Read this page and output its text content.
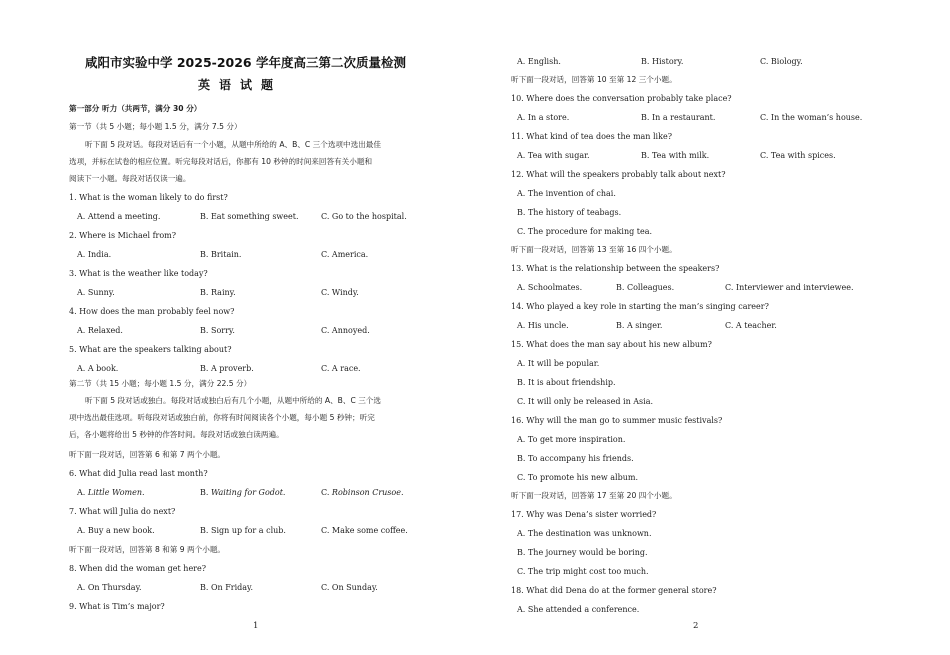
咸阳市实验中学 2025-2026 学年度高三第二次质量检测
英语试题
第一部分 听力（共两节，满分 30 分）
第一节（共 5 小题；每小题 1.5 分，满分 7.5 分）
听下面 5 段对话。每段对话后有一个小题，从题中所给的 A、B、C 三个选项中选出最佳
选项，并标在试卷的相应位置。听完每段对话后，你都有 10 秒钟的时间来回答有关小题和
阅读下一小题。每段对话仅读一遍。
1. What is the woman likely to do first?
A. Attend a meeting.	B. Eat something sweet.	C. Go to the hospital.
2. Where is Michael from?
A. India.	B. Britain.	C. America.
3. What is the weather like today?
A. Sunny.	B. Rainy.	C. Windy.
4. How does the man probably feel now?
A. Relaxed.	B. Sorry.	C. Annoyed.
5. What are the speakers talking about?
A. A book.	B. A proverb.	C. A race.
第二节（共 15 小题；每小题 1.5 分，满分 22.5 分）
听下面 5 段对话或独白。每段对话或独白后有几个小题，从题中所给的 A、B、C 三个选
项中选出最佳选项。听每段对话或独白前，你将有时间阅读各个小题，每小题 5 秒钟；听完
后，各小题将给出 5 秒钟的作答时间。每段对话或独白读两遍。
听下面一段对话，回答第 6 和第 7 两个小题。
6. What did Julia read last month?
A. Little Women.	B. Waiting for Godot.	C. Robinson Crusoe.
7. What will Julia do next?
A. Buy a new book.	B. Sign up for a club.	C. Make some coffee.
听下面一段对话，回答第 8 和第 9 两个小题。
8. When did the woman get here?
A. On Thursday.	B. On Friday.	C. On Sunday.
9. What is Tim’s major?
1
A. English.	B. History.	C. Biology.
听下面一段对话，回答第 10 至第 12 三个小题。
10. Where does the conversation probably take place?
A. In a store.	B. In a restaurant.	C. In the woman’s house.
11. What kind of tea does the man like?
A. Tea with sugar.	B. Tea with milk.	C. Tea with spices.
12. What will the speakers probably talk about next?
A. The invention of chai.
B. The history of teabags.
C. The procedure for making tea.
听下面一段对话，回答第 13 至第 16 四个小题。
13. What is the relationship between the speakers?
A. Schoolmates.	B. Colleagues.	C. Interviewer and interviewee.
14. Who played a key role in starting the man’s singing career?
A. His uncle.	B. A singer.	C. A teacher.
15. What does the man say about his new album?
A. It will be popular.
B. It is about friendship.
C. It will only be released in Asia.
16. Why will the man go to summer music festivals?
A. To get more inspiration.
B. To accompany his friends.
C. To promote his new album.
听下面一段对话，回答第 17 至第 20 四个小题。
17. Why was Dena’s sister worried?
A. The destination was unknown.
B. The journey would be boring.
C. The trip might cost too much.
18. What did Dena do at the former general store?
A. She attended a conference.
2
